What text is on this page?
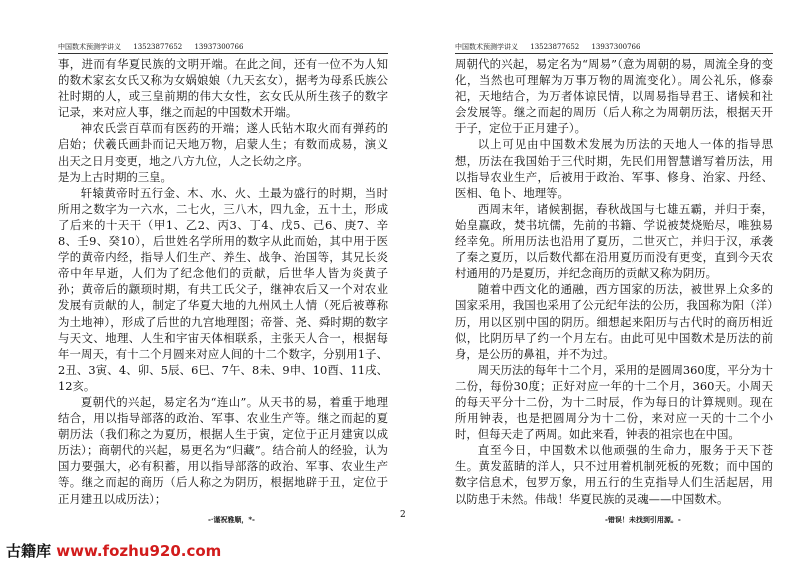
中国数术预测学讲义 13523877652 13937300766

事，进而有华夏民族的文明开端。在此之间，还有一位不为人知的数术家玄女氏又称为女娲娘娘（九天玄女），据考为母系氏族公社时期的人，或三皇前期的伟大女性，玄女氏从所生孩子的数字记录，来对应人事，继之而起的中国数术开端。

神农氏尝百草而有医药的开端；遂人氏钻木取火而有弹药的启始；伏羲氏画卦而记天地万物，启蒙人生；有数而成易，演义出天之日月变更，地之八方九位，人之长幼之序。

是为上古时期的三皇。

轩辕黄帝时五行金、木、水、火、土最为盛行的时期，当时所用之数字为一六水，二七火，三八木，四九金，五十土，形成了后来的十天干（甲1、乙2、丙3、丁4、戊5、己6、庚7、辛8、壬9、癸10），后世姓名学所用的数字从此而始，其中用于医学的黄帝内经，指导人们生产、养生、战争、治国等，其兄长炎帝中年早逝，人们为了纪念他们的贡献，后世华人皆为炎黄子孙；黄帝后的颛顼时期，有共工氏父子，继神农后又一个对农业发展有贡献的人，制定了华夏大地的九州风土人情（死后被尊称为土地神），形成了后世的九宫地理图；帝誉、尧、舜时期的数字与天文、地理、人生和宇宙天体相联系，主张天人合一，根据每年一周天，有十二个月圆来对应人间的十二个数字，分别用1子、2丑、3寅、4、卯、5辰、6巳、7午、8未、9申、10酉、11戌、12亥。

夏朝代的兴起，易定名为“连山”。从天书的易，着重于地理结合，用以指导部落的政治、军事、农业生产等。继之而起的夏朝历法（我们称之为夏历，根据人生于寅，定位于正月建寅以成历法）；商朝代的兴起，易更名为“归藏”。结合前人的经验，认为国力要强大，必有积蓄，用以指导部落的政治、军事、农业生产等。继之而起的商历（后人称之为阴历，根据地辟于丑，定位于正月建丑以成历法）；

-·谨祝雅顺，*-	2
中国数术预测学讲义 13523877652 13937300766

周朝代的兴起，易定名为“周易”（意为周朝的易，周流全身的变化，当然也可理解为万事万物的周流变化）。周公礼乐，修泰祀，天地结合，为万者体谅民情，以周易指导君王、诸候和社会发展等。继之而起的周历（后人称之为周朝历法，根据天开于子，定位于正月建子）。

以上可见由中国数术发展为历法的天地人一体的指导思想，历法在我国始于三代时期，先民们用智慧谱写着历法，用以指导农业生产，后被用于政治、军事、修身、治家、丹经、医相、龟卜、地理等。

西周末年，诸候割据，春秋战国与七雄五霸，并归于秦，始皇赢政，焚书坑儒，先前的书籍、学说被焚烧贻尽，唯独易经幸免。所用历法也沿用了夏历，二世灭亡，并归于汉，承袭了秦之夏历，以后数代都在沿用夏历而没有更变，直到今天农村通用的乃是夏历，并纪念商历的贡献又称为阴历。

随着中西文化的通融，西方国家的历法，被世界上众多的国家采用，我国也采用了公元纪年法的公历，我国称为阳（洋）历，用以区别中国的阴历。细想起来阳历与古代时的商历相近似，比阴历早了约一个月左右。由此可见中国数术是历法的前身，是公历的鼻祖，并不为过。

周天历法的每年十二个月，采用的是圆周360度，平分为十二份，每份30度；正好对应一年的十二个月，360天。小周天的每天平分十二份，为十二时辰，作为每日的计算规则。现在所用钟表，也是把圆周分为十二份，来对应一天的十二个小时，但每天走了两周。如此来看，钟表的祖宗也在中国。

直至今日，中国数术以他顽强的生命力，服务于天下苍生。黄发蓝睛的洋人，只不过用着机制死板的死数；而中国的数字信息术，包罗万象，用五行的生克指导人们生活起居，用以防患于未然。伟哉！华夏民族的灵魂——中国数术。

-错误！未找到引用源。-
古籍库 www.fozhu920.com
